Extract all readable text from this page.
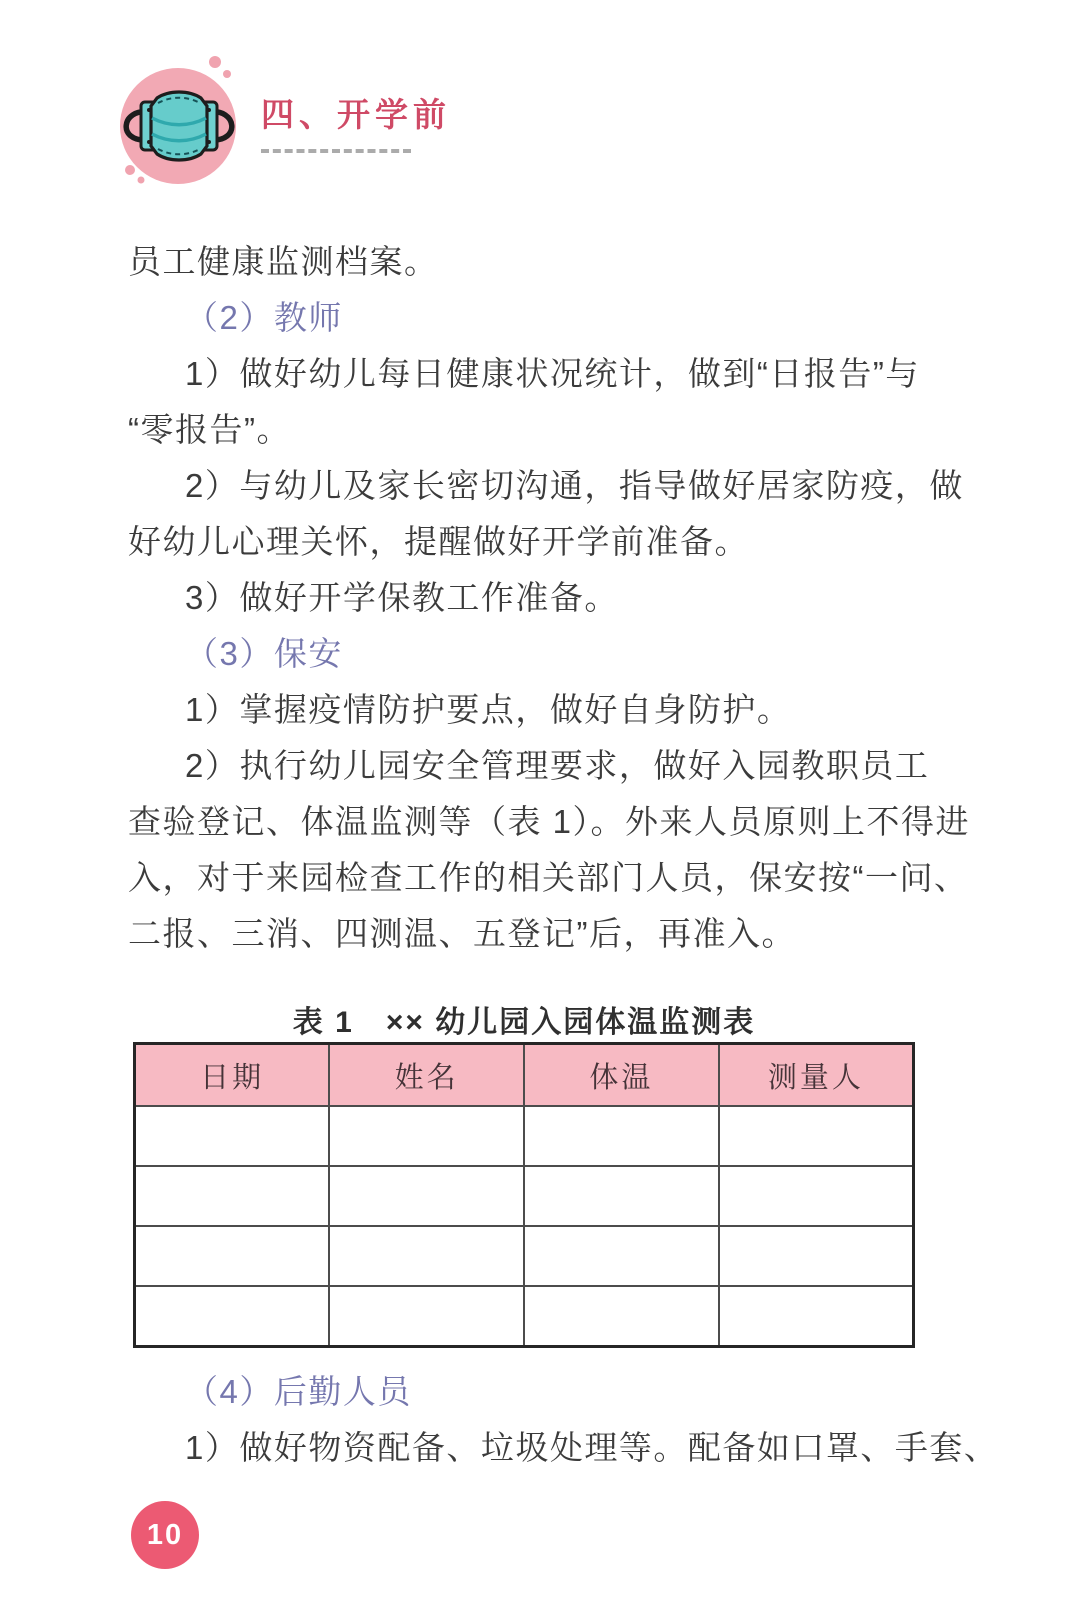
四、开学前
员工健康监测档案。
（2）教师
1）做好幼儿每日健康状况统计，做到“日报告”与
“零报告”。
2）与幼儿及家长密切沟通，指导做好居家防疫，做
好幼儿心理关怀，提醒做好开学前准备。
3）做好开学保教工作准备。
（3）保安
1）掌握疫情防护要点，做好自身防护。
2）执行幼儿园安全管理要求，做好入园教职员工
查验登记、体温监测等（表 1）。外来人员原则上不得进
入，对于来园检查工作的相关部门人员，保安按“一问、
二报、三消、四测温、五登记”后，再准入。
表 1　×× 幼儿园入园体温监测表
日期	姓名	体温	测量人

（4）后勤人员
1）做好物资配备、垃圾处理等。配备如口罩、手套、
10
